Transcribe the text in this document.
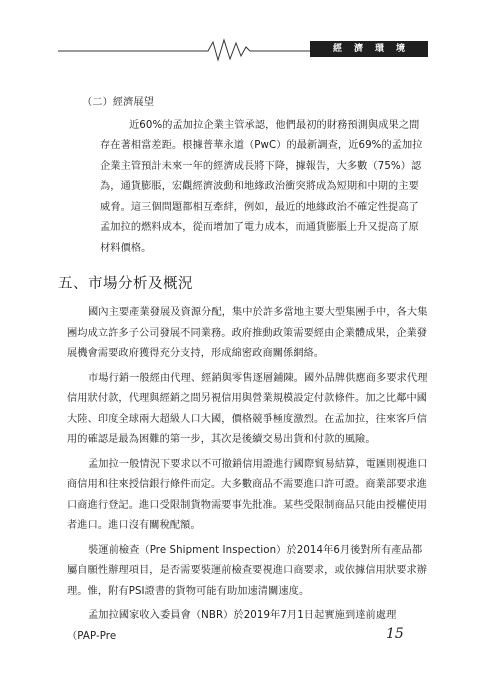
經濟環境

（二）經濟展望

近60%的孟加拉企業主管承認，他們最初的財務預測與成果之間存在著相當差距。根據普華永道（PwC）的最新調查，近69%的孟加拉企業主管預計未來一年的經濟成長將下降，據報告，大多數（75%）認為，通貨膨脹，宏觀經濟波動和地緣政治衝突將成為短期和中期的主要威脅。這三個問題都相互牽絆，例如，最近的地緣政治不確定性提高了孟加拉的燃料成本，從而增加了電力成本，而通貨膨脹上升又提高了原材料價格。

五、市場分析及概況

國內主要產業發展及資源分配，集中於許多當地主要大型集團手中，各大集團均成立許多子公司發展不同業務。政府推動政策需要經由企業體成果，企業發展機會需要政府獲得充分支持，形成綿密政商關係網絡。

市場行銷一般經由代理、經銷與零售逐層鋪陳。國外品牌供應商多要求代理信用狀付款，代理與經銷之間另視信用與營業規模設定付款條件。加之比鄰中國大陸、印度全球兩大超級人口大國，價格競爭極度激烈。在孟加拉，往來客戶信用的確認是最為困難的第一步，其次是後續交易出貨和付款的風險。

孟加拉一般情況下要求以不可撤銷信用證進行國際貿易結算，電匯則視進口商信用和往來授信銀行條件而定。大多數商品不需要進口許可證。商業部要求進口商進行登記。進口受限制貨物需要事先批准。某些受限制商品只能由授權使用者進口。進口沒有關稅配額。

裝運前檢查（Pre Shipment Inspection）於2014年6月後對所有產品都屬自願性辦理項目，是否需要裝運前檢查要視進口商要求，或依據信用狀要求辦理。惟，附有PSI證書的貨物可能有助加速清關速度。

孟加拉國家收入委員會（NBR）於2019年7月1日起實施到達前處理（PAP-Pre	15
